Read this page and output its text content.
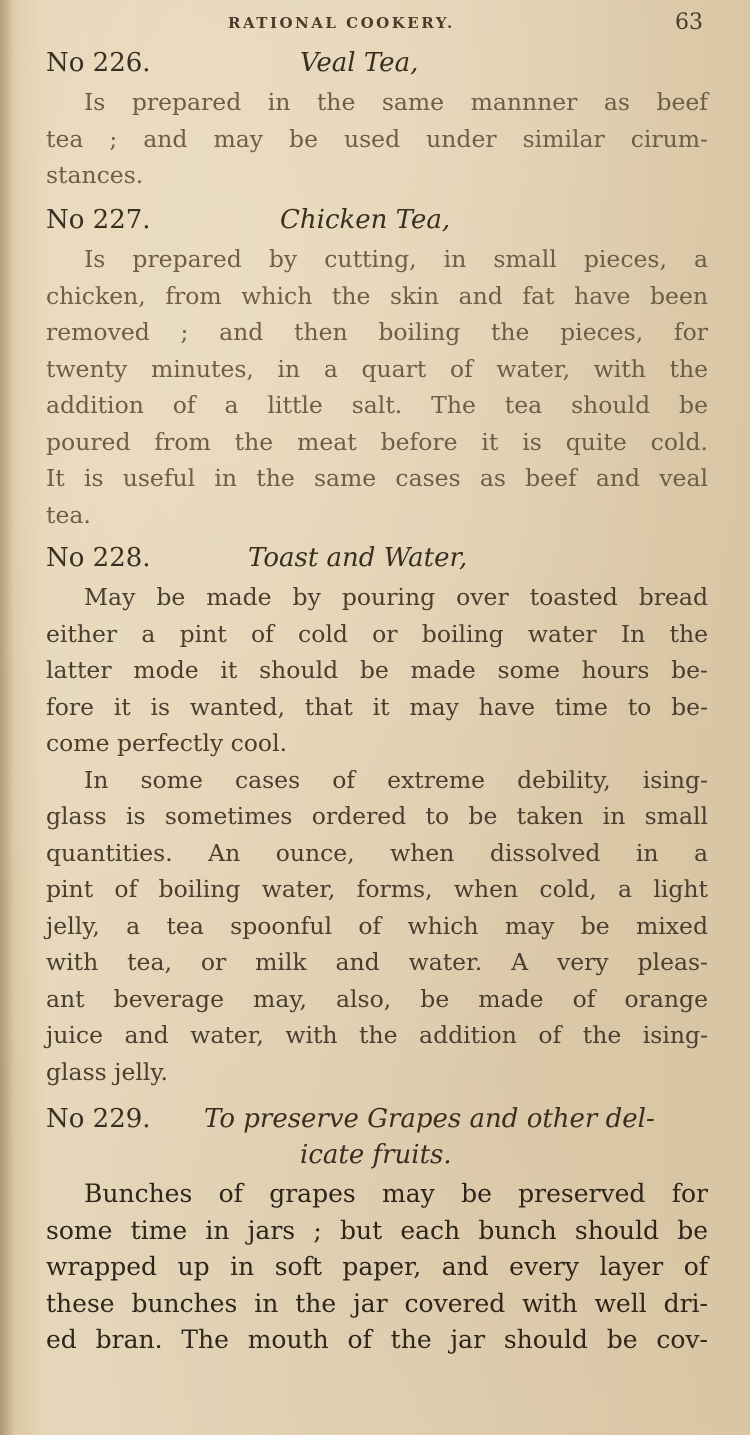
RATIONAL COOKERY.	63
No 226.	Veal Tea,
Is prepared in the same mannner as beef
tea ; and may be used under similar cirum-
stances.
No 227.	Chicken Tea,
Is prepared by cutting, in small pieces, a
chicken, from which the skin and fat have been
removed ; and then boiling the pieces, for
twenty minutes, in a quart of water, with the
addition of a little salt. The tea should be
poured from the meat before it is quite cold.
It is useful in the same cases as beef and veal
tea.
No 228.	Toast and Water,
May be made by pouring over toasted bread
either a pint of cold or boiling water In the
latter mode it should be made some hours be-
fore it is wanted, that it may have time to be-
come perfectly cool.
In some cases of extreme debility, ising-
glass is sometimes ordered to be taken in small
quantities. An ounce, when dissolved in a
pint of boiling water, forms, when cold, a light
jelly, a tea spoonful of which may be mixed
with tea, or milk and water. A very pleas-
ant beverage may, also, be made of orange
juice and water, with the addition of the ising-
glass jelly.
No 229. To preserve Grapes and other del-
icate fruits.
Bunches of grapes may be preserved for
some time in jars ; but each bunch should be
wrapped up in soft paper, and every layer of
these bunches in the jar covered with well dri-
ed bran. The mouth of the jar should be cov-
